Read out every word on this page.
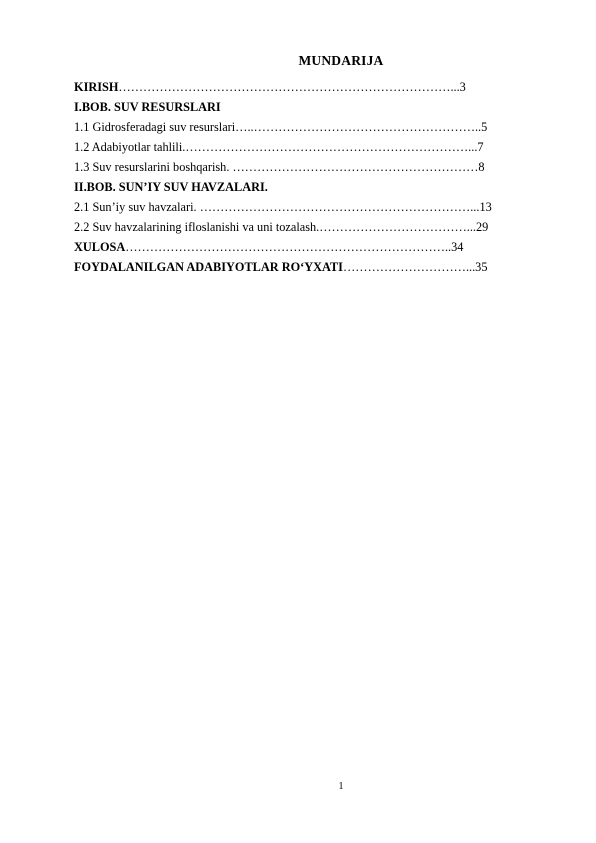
MUNDARIJA
KIRISH………………………………………………………………………...3
I.BOB. SUV RESURSLARI
1.1 Gidrosferadagi suv resurslari…..………………………………………………..5
1.2 Adabiyotlar tahlili.……………………………………………………………...7
1.3 Suv resurslarini boshqarish. ……………………………………………………8
II.BOB. SUN’IY SUV HAVZALARI.
2.1 Sun’iy suv havzalari. …………………………………………………………...13
2.2 Suv havzalarining ifloslanishi va uni tozalash.………………………………...29
XULOSA……………………………………………………………………..34
FOYDALANILGAN ADABIYOTLAR RO‘YXATI…………………………...35
1
